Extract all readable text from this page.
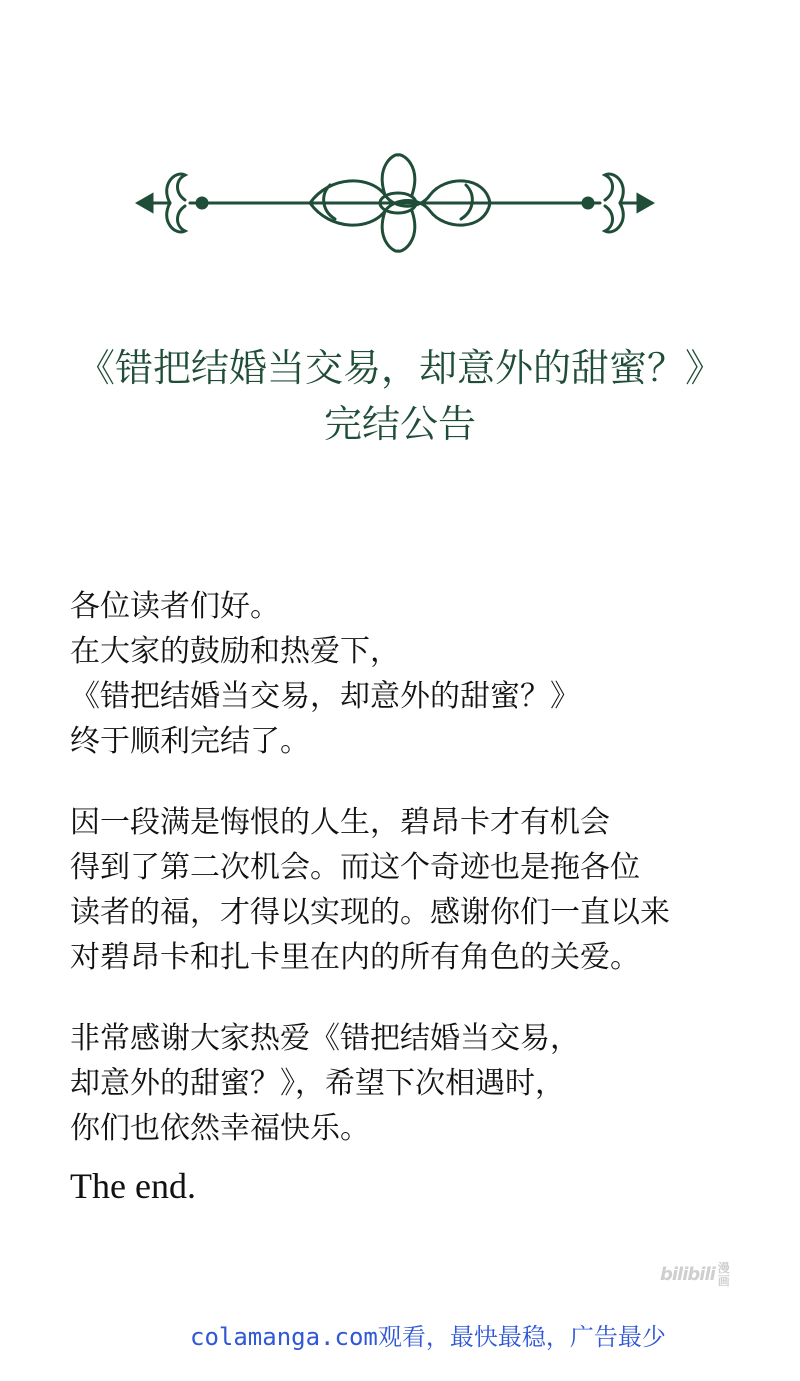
《错把结婚当交易，却意外的甜蜜？》
完结公告
各位读者们好。
在大家的鼓励和热爱下，
《错把结婚当交易，却意外的甜蜜？》
终于顺利完结了。
因一段满是悔恨的人生，碧昂卡才有机会
得到了第二次机会。而这个奇迹也是拖各位
读者的福，才得以实现的。感谢你们一直以来
对碧昂卡和扎卡里在内的所有角色的关爱。
非常感谢大家热爱《错把结婚当交易，
却意外的甜蜜？》，希望下次相遇时，
你们也依然幸福快乐。
The end.
bilibili 漫画
colamanga.com观看，最快最稳，广告最少
